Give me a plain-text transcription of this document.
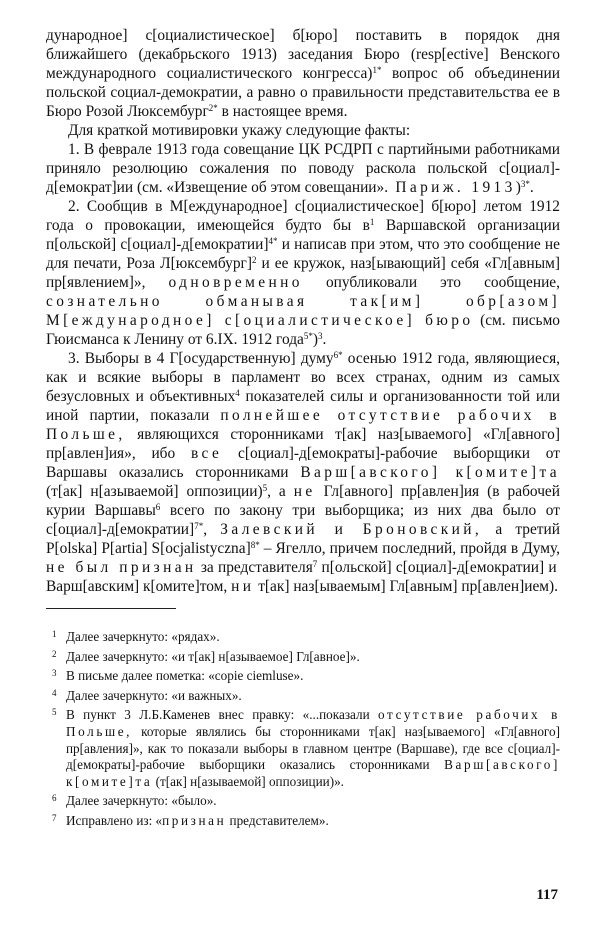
дународное] с[оциалистическое] б[юро] поставить в порядок дня ближайшего (декабрьского 1913) заседания Бюро (resp[ective] Венского международного социалистического конгресса)$^{1*}$ вопрос об объединении польской социал-демократии, а равно о правильности представительства ее в Бюро Розой Люксембург$^{2*}$ в настоящее время.

Для краткой мотивировки укажу следующие факты:

1. В феврале 1913 года совещание ЦК РСДРП с партийными работниками приняло резолюцию сожаления по поводу раскола польской с[оциал]-д[емократ]ии (см. «Извещение об этом совещании». Париж. 1913)$^{3*}$.

2. Сообщив в М[еждународное] с[оциалистическое] б[юро] летом 1912 года о провокации, имеющейся будто бы $в^1$ Варшавской организации п[ольской] с[оциал]-д[емократии]$^{4*}$ и написав при этом, что это сообщение не для печати, Роза Л[юксембург]$^2$ и ее кружок, наз[ывающий] себя «Гл[авным] пр[явлением]», одновременно опубликовали это сообщение, сознательно обманывая так[им] обр[азом] М[еждународное] с[оциалистическое] бюро (см. письмо Гюисманса к Ленину от 6.IX. 1912 года$^{5*}$)$^3$.

3. Выборы в 4 Г[осударственную] думу$^{6*}$ осенью 1912 года, являющиеся, как и всякие выборы в парламент во всех странах, одним из самых безусловных и объективных$^4$ показателей силы и организованности той или иной партии, показали полнейшее отсутствие рабочих в Польше, являющихся сторонниками т[ак] наз[ываемого] «Гл[авного] пр[авлен]ия», ибо все с[оциал]-д[емократы]-рабочие выборщики от Варшавы оказались сторонниками Варш[авского] к[омите]та (т[ак] н[азываемой] оппозиции)$^5$, а не Гл[авного] пр[авлен]ия (в рабочей курии Варшавы$^6$ всего по закону три выборщика; из них два было от с[оциал]-д[емократии]$^{7*}$, Залевский и Броновский, а третий P[olska] P[artia] S[ocjalistyczna]$^{8*}$ – Ягелло, причем последний, пройдя в Думу, не был признан за представителя$^7$ п[ольской] с[оциал]-д[емократии] и Варш[авским] к[омите]том, ни т[ак] наз[ываемым] Гл[авным] пр[авлен]ием).

1 Далее зачеркнуто: «рядах».

2 Далее зачеркнуто: «и т[ак] н[азываемое] Гл[авное]».

3 В письме далее пометка: «copie ciemluse».

4 Далее зачеркнуто: «и важных».

5 В пункт 3 Л.Б.Каменев внес правку: «...показали отсутствие рабочих в Польше, которые являлись бы сторонниками т[ак] наз[ываемого] «Гл[авного] пр[авления]», как то показали выборы в главном центре (Варшаве), где все с[оциал]-д[емократы]-рабочие выборщики оказались сторонниками Варш[авского] к[омите]та (т[ак] н[азываемой] оппозиции)».

6 Далее зачеркнуто: «было».

7 Исправлено из: «признан представителем».

117
